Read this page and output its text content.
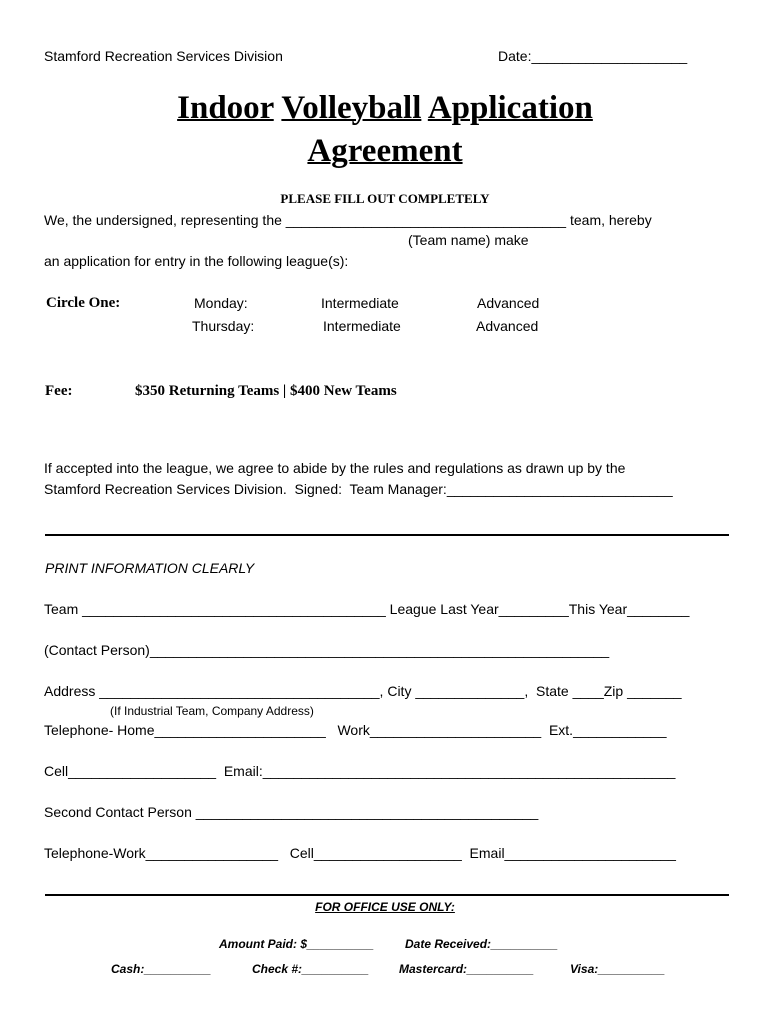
Stamford Recreation Services Division	Date:____________________
Indoor Volleyball Application
Agreement
PLEASE FILL OUT COMPLETELY
We, the undersigned, representing the ____________________________________ team, hereby
(Team name) make
an application for entry in the following league(s):
Circle One:	Monday:	Intermediate	Advanced
Thursday:	Intermediate	Advanced
Fee:	$350 Returning Teams | $400 New Teams
If accepted into the league, we agree to abide by the rules and regulations as drawn up by the
Stamford Recreation Services Division.  Signed:  Team Manager:_____________________________
PRINT INFORMATION CLEARLY
Team _______________________________________ League Last Year_________This Year________
(Contact Person)___________________________________________________________
Address ____________________________________, City ______________,  State ____Zip _______
(If Industrial Team, Company Address)
Telephone- Home______________________   Work______________________  Ext.____________
Cell___________________  Email:_____________________________________________________
Second Contact Person ____________________________________________
Telephone-Work_________________   Cell___________________  Email______________________
FOR OFFICE USE ONLY:
Amount Paid: $__________	Date Received:__________
Cash:__________	Check #:__________	Mastercard:__________	Visa:__________
